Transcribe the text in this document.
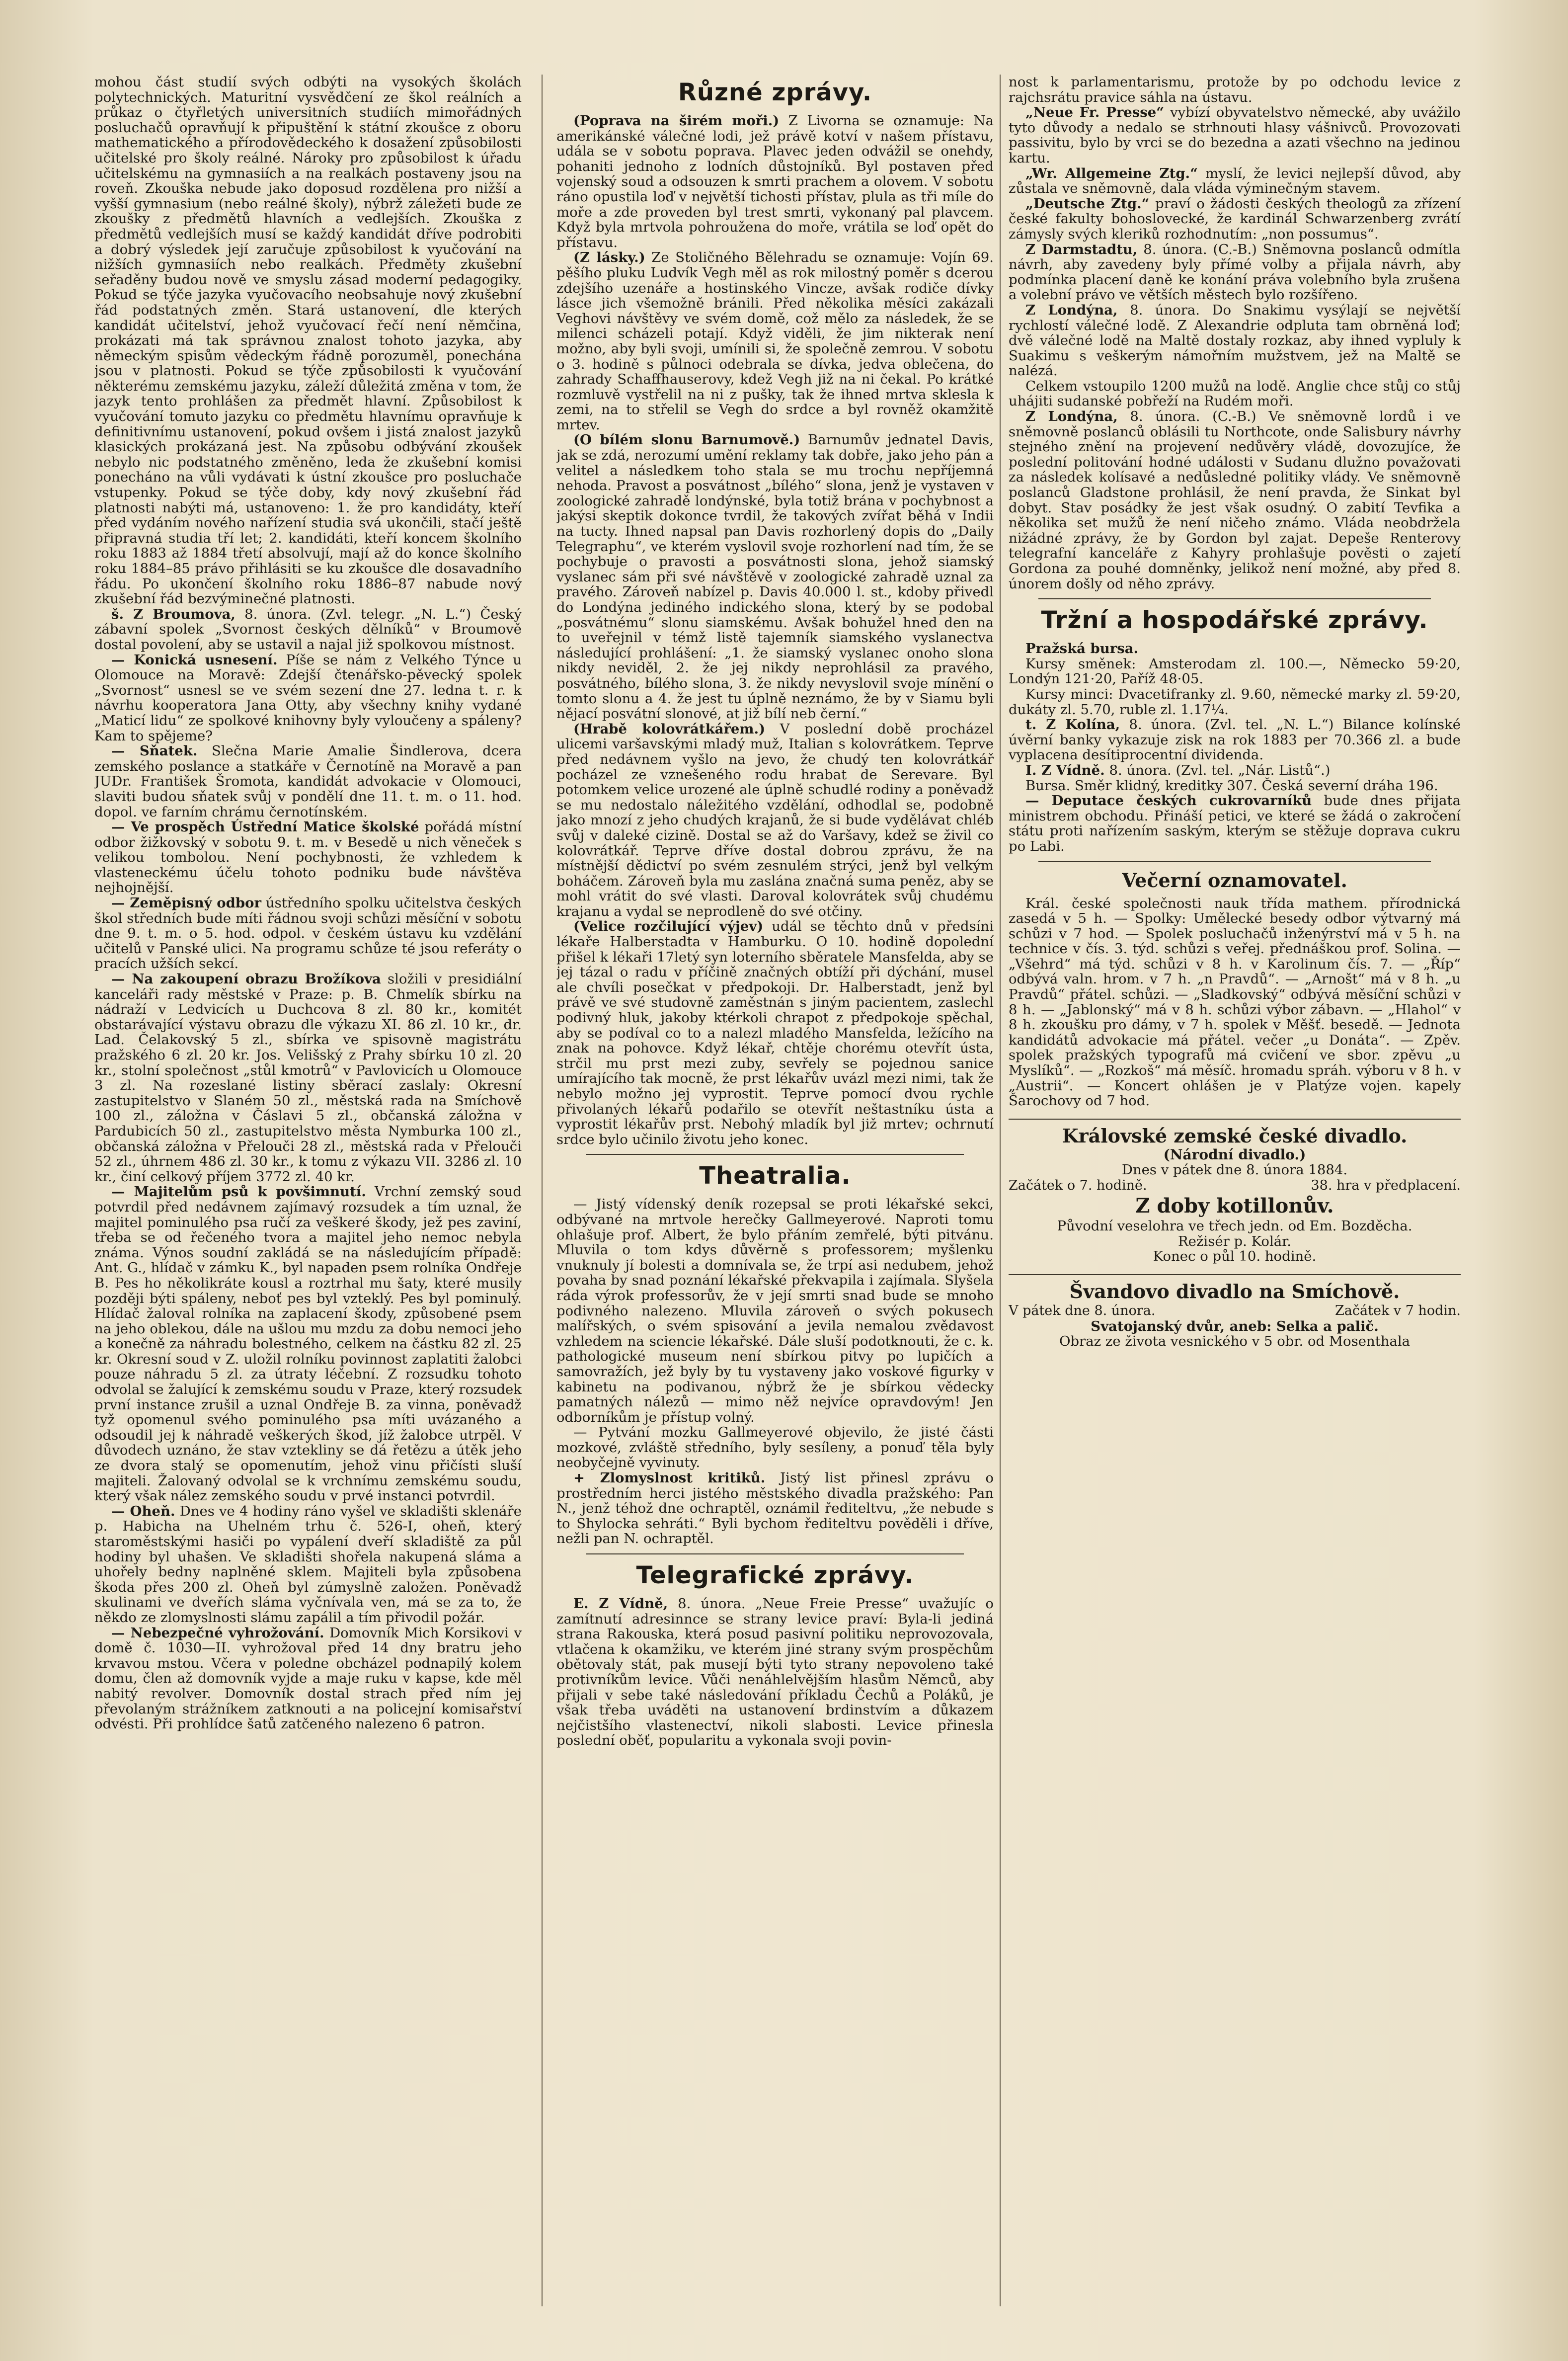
mohou část studií svých odbýti na vysokých školách polytechnických. Maturitní vysvědčení ze škol reálních a průkaz o čtyřletých universitních studiích mimořádných posluchačů opravňují k připuštění k státní zkoušce z oboru mathematického a přírodovědeckého k dosažení způsobilosti učitelské pro školy reálné. Nároky pro způsobilost k úřadu učitelskému na gymnasiích a na realkách postaveny jsou na roveň. Zkouška nebude jako doposud rozdělena pro nižší a vyšší gymnasium (nebo reálné školy), nýbrž záležeti bude ze zkoušky z předmětů hlavních a vedlejších. Zkouška z předmětů vedlejších musí se každý kandidát dříve podrobiti a dobrý výsledek její zaručuje způsobilost k vyučování na nižších gymnasiích nebo realkách. Předměty zkušební seřaděny budou nově ve smyslu zásad moderní pedagogiky. Pokud se týče jazyka vyučovacího neobsahuje nový zkušební řád podstatných změn. Stará ustanovení, dle kterých kandidát učitelství, jehož vyučovací řečí není němčina, prokázati má tak správnou znalost tohoto jazyka, aby německým spisům vědeckým řádně porozuměl, ponechána jsou v platnosti. Pokud se týče způsobilosti k vyučování některému zemskému jazyku, záleží důležitá změna v tom, že jazyk tento prohlášen za předmět hlavní. Způsobilost k vyučování tomuto jazyku co předmětu hlavnímu opravňuje k definitivnímu ustanovení, pokud ovšem i jistá znalost jazyků klasických prokázaná jest. Na způsobu odbývání zkoušek nebylo nic podstatného změněno, leda že zkušební komisi ponecháno na vůli vydávati k ústní zkoušce pro posluchače vstupenky. Pokud se týče doby, kdy nový zkušební řád platnosti nabýti má, ustanoveno: 1. že pro kandidáty, kteří před vydáním nového nařízení studia svá ukončili, stačí ještě připravná studia tří let; 2. kandidáti, kteří koncem školního roku 1883 až 1884 třetí absolvují, mají až do konce školního roku 1884–85 právo přihlásiti se ku zkoušce dle dosavadního řádu. Po ukončení školního roku 1886–87 nabude nový zkušební řád bezvýminečné platnosti.

š. Z Broumova, 8. února. (Zvl. telegr. „N. L.“) Český zábavní spolek „Svornost českých dělníků“ v Broumově dostal povolení, aby se ustavil a najal již spolkovou místnost.

— Konická usnesení. Píše se nám z Velkého Týnce u Olomouce na Moravě: Zdejší čtenářsko-pěvecký spolek „Svornost“ usnesl se ve svém sezení dne 27. ledna t. r. k návrhu kooperatora Jana Otty, aby všechny knihy vydané „Maticí lidu“ ze spolkové knihovny byly vyloučeny a spáleny? Kam to spějeme?

— Sňatek. Slečna Marie Amalie Šindlerova, dcera zemského poslance a statkáře v Černotíně na Moravě a pan JUDr. František Šromota, kandidát advokacie v Olomouci, slaviti budou sňatek svůj v pondělí dne 11. t. m. o 11. hod. dopol. ve farním chrámu černotínském.

— Ve prospěch Ústřední Matice školské pořádá místní odbor žižkovský v sobotu 9. t. m. v Besedě u nich věneček s velikou tombolou. Není pochybnosti, že vzhledem k vlasteneckému účelu tohoto podniku bude návštěva nejhojnější.

— Zeměpisný odbor ústředního spolku učitelstva českých škol středních bude míti řádnou svoji schůzi měsíční v sobotu dne 9. t. m. o 5. hod. odpol. v českém ústavu ku vzdělání učitelů v Panské ulici. Na programu schůze té jsou referáty o pracích užších sekcí.

— Na zakoupení obrazu Brožíkova složili v presidiální kanceláři rady městské v Praze: p. B. Chmelík sbírku na nádraží v Ledvicích u Duchcova 8 zl. 80 kr., komitét obstarávající výstavu obrazu dle výkazu XI. 86 zl. 10 kr., dr. Lad. Čelakovský 5 zl., sbírka ve spisovně magistrátu pražského 6 zl. 20 kr. Jos. Velišský z Prahy sbírku 10 zl. 20 kr., stolní společnost „stůl kmotrů“ v Pavlovicích u Olomouce 3 zl. Na rozeslané listiny sběrací zaslaly: Okresní zastupitelstvo v Slaném 50 zl., městská rada na Smíchově 100 zl., záložna v Čáslavi 5 zl., občanská záložna v Pardubicích 50 zl., zastupitelstvo města Nymburka 100 zl., občanská záložna v Přelouči 28 zl., městská rada v Přelouči 52 zl., úhrnem 486 zl. 30 kr., k tomu z výkazu VII. 3286 zl. 10 kr., činí celkový příjem 3772 zl. 40 kr.

— Majitelům psů k povšimnutí. Vrchní zemský soud potvrdil před nedávnem zajímavý rozsudek a tím uznal, že majitel pominulého psa ručí za veškeré škody, jež pes zaviní, třeba se od řečeného tvora a majitel jeho nemoc nebyla známa. Výnos soudní zakládá se na následujícím případě: Ant. G., hlídač v zámku K., byl napaden psem rolníka Ondřeje B. Pes ho několikráte kousl a roztrhal mu šaty, které musily později býti spáleny, neboť pes byl vzteklý. Pes byl pominulý. Hlídač žaloval rolníka na zaplacení škody, způsobené psem na jeho oblekou, dále na ušlou mu mzdu za dobu nemoci jeho a konečně za náhradu bolestného, celkem na částku 82 zl. 25 kr. Okresní soud v Z. uložil rolníku povinnost zaplatiti žalobci pouze náhradu 5 zl. za útraty léčební. Z rozsudku tohoto odvolal se žalující k zemskému soudu v Praze, který rozsudek první instance zrušil a uznal Ondřeje B. za vinna, poněvadž tyž opomenul svého pominulého psa míti uvázaného a odsoudil jej k náhradě veškerých škod, jíž žalobce utrpěl. V důvodech uznáno, že stav vztekliny se dá řetězu a útěk jeho ze dvora stalý se opomenutím, jehož vinu přičísti sluší majiteli. Žalovaný odvolal se k vrchnímu zemskému soudu, který však nález zemského soudu v prvé instanci potvrdil.

— Oheň. Dnes ve 4 hodiny ráno vyšel ve skladišti sklenáře p. Habicha na Uhelném trhu č. 526-I, oheň, který staroměstskými hasiči po vypálení dveří skladiště za půl hodiny byl uhašen. Ve skladišti shořela nakupená sláma a uhořely bedny naplněné sklem. Majiteli byla způsobena škoda přes 200 zl. Oheň byl zúmyslně založen. Poněvadž skulinami ve dveřích sláma vyčnívala ven, má se za to, že někdo ze zlomyslnosti slámu zapálil a tím přivodil požár.

— Nebezpečné vyhrožování. Domovník Mich Korsikovi v domě č. 1030—II. vyhrožoval před 14 dny bratru jeho krvavou mstou. Včera v poledne obcházel podnapilý kolem domu, člen až domovník vyjde a maje ruku v kapse, kde měl nabitý revolver. Domovník dostal strach před ním jej převolaným strážníkem zatknouti a na policejní komisařství odvésti. Při prohlídce šatů zatčeného nalezeno 6 patron.

Různé zprávy.

(Poprava na širém moři.) Z Livorna se oznamuje: Na amerikánské válečné lodi, jež právě kotví v našem přístavu, udála se v sobotu poprava. Plavec jeden odvážil se onehdy, pohaniti jednoho z lodních důstojníků. Byl postaven před vojenský soud a odsouzen k smrti prachem a olovem. V sobotu ráno opustila loď v největší tichosti přístav, plula as tři míle do moře a zde proveden byl trest smrti, vykonaný pal plavcem. Když byla mrtvola pohroužena do moře, vrátila se loď opět do přístavu.

(Z lásky.) Ze Stoličného Bělehradu se oznamuje: Vojín 69. pěšího pluku Ludvík Vegh měl as rok milostný poměr s dcerou zdejšího uzenáře a hostinského Vincze, avšak rodiče dívky lásce jich všemožně bránili. Před několika měsíci zakázali Veghovi návštěvy ve svém domě, což mělo za následek, že se milenci scházeli potají. Když viděli, že jim nikterak není možno, aby byli svoji, umínili si, že společně zemrou. V sobotu o 3. hodině s půlnoci odebrala se dívka, jedva oblečena, do zahrady Schaffhauserovy, kdež Vegh již na ni čekal. Po krátké rozmluvě vystřelil na ni z pušky, tak že ihned mrtva sklesla k zemi, na to střelil se Vegh do srdce a byl rovněž okamžitě mrtev.

(O bílém slonu Barnumově.) Barnumův jednatel Davis, jak se zdá, nerozumí umění reklamy tak dobře, jako jeho pán a velitel a následkem toho stala se mu trochu nepříjemná nehoda. Pravost a posvátnost „bílého“ slona, jenž je vystaven v zoologické zahradě londýnské, byla totiž brána v pochybnost a jakýsi skeptik dokonce tvrdil, že takových zvířat běhá v Indii na tucty. Ihned napsal pan Davis rozhorlený dopis do „Daily Telegraphu“, ve kterém vyslovil svoje rozhorlení nad tím, že se pochybuje o pravosti a posvátnosti slona, jehož siamský vyslanec sám při své návštěvě v zoologické zahradě uznal za pravého. Zároveň nabízel p. Davis 40.000 l. st., kdoby přivedl do Londýna jediného indického slona, který by se podobal „posvátnému“ slonu siamskému. Avšak bohužel hned den na to uveřejnil v témž listě tajemník siamského vyslanectva následující prohlášení: „1. že siamský vyslanec onoho slona nikdy neviděl, 2. že jej nikdy neprohlásil za pravého, posvátného, bílého slona, 3. že nikdy nevyslovil svoje mínění o tomto slonu a 4. že jest tu úplně neznámo, že by v Siamu byli nějací posvátní slonové, at již bílí neb černí.“

(Hrabě kolovrátkářem.) V poslední době procházel ulicemi varšavskými mladý muž, Italian s kolovrátkem. Teprve před nedávnem vyšlo na jevo, že chudý ten kolovrátkář pocházel ze vznešeného rodu hrabat de Serevare. Byl potomkem velice urozené ale úplně schudlé rodiny a poněvadž se mu nedostalo náležitého vzdělání, odhodlal se, podobně jako mnozí z jeho chudých krajanů, že si bude vydělávat chléb svůj v daleké cizině. Dostal se až do Varšavy, kdež se živil co kolovrátkář. Teprve dříve dostal dobrou zprávu, že na místnější dědictví po svém zesnulém strýci, jenž byl velkým boháčem. Zároveň byla mu zaslána značná suma peněz, aby se mohl vrátit do své vlasti. Daroval kolovrátek svůj chudému krajanu a vydal se neprodleně do své otčiny.

(Velice rozčilující výjev) udál se těchto dnů v předsíni lékaře Halberstadta v Hamburku. O 10. hodině dopolední přišel k lékaři 17letý syn loterního sběratele Mansfelda, aby se jej tázal o radu v příčině značných obtíží při dýchání, musel ale chvíli posečkat v předpokoji. Dr. Halberstadt, jenž byl právě ve své studovně zaměstnán s jiným pacientem, zaslechl podivný hluk, jakoby ktérkoli chrapot z předpokoje spěchal, aby se podíval co to a nalezl mladého Mansfelda, ležícího na znak na pohovce. Když lékař, chtěje chorému otevřít ústa, strčil mu prst mezi zuby, sevřely se pojednou sanice umírajícího tak mocně, že prst lékařův uvázl mezi nimi, tak že nebylo možno jej vyprostit. Teprve pomocí dvou rychle přivolaných lékařů podařilo se otevřít neštastníku ústa a vyprostit lékařův prst. Nebohý mladík byl již mrtev; ochrnutí srdce bylo učinilo životu jeho konec.

Theatralia.

— Jistý vídenský deník rozepsal se proti lékařské sekci, odbývané na mrtvole herečky Gallmeyerové. Naproti tomu ohlašuje prof. Albert, že bylo přáním zemřelé, býti pitvánu. Mluvila o tom kdys důvěrně s professorem; myšlenku vnuknuly jí bolesti a domnívala se, že trpí asi nedubem, jehož povaha by snad poznání lékařské překvapila i zajímala. Slyšela ráda výrok professorův, že v její smrti snad bude se mnoho podivného nalezeno. Mluvila zároveň o svých pokusech malířských, o svém spisování a jevila nemalou zvědavost vzhledem na sciencie lékařské. Dále sluší podotknouti, že c. k. pathologické museum není sbírkou pitvy po lupičích a samovražích, jež byly by tu vystaveny jako voskové figurky v kabinetu na podivanou, nýbrž že je sbírkou vědecky pamatných nálezů — mimo něž nejvíce opravdovým! Jen odborníkům je přístup volný.

— Pytvání mozku Gallmeyerové objevilo, že jisté části mozkové, zvláště středního, byly sesíleny, a ponuď těla byly neobyčejně vyvinuty.

+ Zlomyslnost kritiků. Jistý list přinesl zprávu o prostředním herci jistého městského divadla pražského: Pan N., jenž téhož dne ochraptěl, oznámil řediteltvu, „že nebude s to Shylocka sehráti.“ Byli bychom řediteltvu pověděli i dříve, nežli pan N. ochraptěl.

Telegrafické zprávy.

E. Z Vídně, 8. února. „Neue Freie Presse“ uvažujíc o zamítnutí adresinnce se strany levice praví: Byla-li jediná strana Rakouska, která posud pasivní politiku neprovozovala, vtlačena k okamžiku, ve kterém jiné strany svým prospěchům obětovaly stát, pak musejí býti tyto strany nepovoleno také protivníkům levice. Vůči nenáhlelvějším hlasům Němců, aby přijali v sebe také následování příkladu Čechů a Poláků, je však třeba uváděti na ustanovení brdinstvím a důkazem nejčistšího vlastenectví, nikoli slabosti. Levice přinesla poslední oběť, popularitu a vykonala svoji povin-

nost k parlamentarismu, protože by po odchodu levice z rajchsrátu pravice sáhla na ústavu.

„Neue Fr. Presse“ vybízí obyvatelstvo německé, aby uvážilo tyto důvody a nedalo se strhnouti hlasy vášnivců. Provozovati passivitu, bylo by vrci se do bezedna a azati všechno na jedinou kartu.

„Wr. Allgemeine Ztg.“ myslí, že levici nejlepší důvod, aby zůstala ve sněmovně, dala vláda výminečným stavem.

„Deutsche Ztg.“ praví o žádosti českých theologů za zřízení české fakulty bohoslovecké, že kardinál Schwarzenberg zvrátí zámysly svých kleriků rozhodnutím: „non possumus“.

Z Darmstadtu, 8. února. (C.-B.) Sněmovna poslanců odmítla návrh, aby zavedeny byly přímé volby a přijala návrh, aby podmínka placení daně ke konání práva volebního byla zrušena a volební právo ve větších městech bylo rozšířeno.

Z Londýna, 8. února. Do Snakimu vysýlají se největší rychlostí válečné lodě. Z Alexandrie odpluta tam obrněná loď; dvě válečné lodě na Maltě dostaly rozkaz, aby ihned vypluly k Suakimu s veškerým námořním mužstvem, jež na Maltě se nalézá.

Celkem vstoupilo 1200 mužů na lodě. Anglie chce stůj co stůj uhájiti sudanské pobřeží na Rudém moři.

Z Londýna, 8. února. (C.-B.) Ve sněmovně lordů i ve sněmovně poslanců oblásili tu Northcote, onde Salisbury návrhy stejného znění na projevení nedůvěry vládě, dovozujíce, že poslední politování hodné události v Sudanu dlužno považovati za následek kolísavé a nedůsledné politiky vlády. Ve sněmovně poslanců Gladstone prohlásil, že není pravda, že Sinkat byl dobyt. Stav posádky že jest však osudný. O zabití Tevfika a několika set mužů že není ničeho známo. Vláda neobdržela nižádné zprávy, že by Gordon byl zajat. Depeše Renterovy telegrafní kanceláře z Kahyry prohlašuje pověsti o zajetí Gordona za pouhé domněnky, jelikož není možné, aby před 8. únorem došly od něho zprávy.

Tržní a hospodářské zprávy.

Pražská bursa.

Kursy směnek: Amsterodam zl. 100.—, Německo 59·20, Londýn 121·20, Paříž 48·05.

Kursy minci: Dvacetifranky zl. 9.60, německé marky zl. 59·20, dukáty zl. 5.70, ruble zl. 1.17¼.

t. Z Kolína, 8. února. (Zvl. tel. „N. L.“) Bilance kolínské úvěrní banky vykazuje zisk na rok 1883 per 70.366 zl. a bude vyplacena desítiprocentní dividenda.

I. Z Vídně. 8. února. (Zvl. tel. „Nár. Listů“.)

Bursa. Směr klidný, kreditky 307. Česká severní dráha 196.

— Deputace českých cukrovarníků bude dnes přijata ministrem obchodu. Přináší petici, ve které se žádá o zakročení státu proti nařízením saským, kterým se stěžuje doprava cukru po Labi.

Večerní oznamovatel.

Král. české společnosti nauk třída mathem. přírodnická zasedá v 5 h. — Spolky: Umělecké besedy odbor výtvarný má schůzi v 7 hod. — Spolek posluchačů inženýrství má v 5 h. na technice v čís. 3. týd. schůzi s veřej. přednáškou prof. Solina. — „Všehrd“ má týd. schůzi v 8 h. v Karolinum čís. 7. — „Říp“ odbývá valn. hrom. v 7 h. „n Pravdů“. — „Arnošt“ má v 8 h. „u Pravdů“ přátel. schůzi. — „Sladkovský“ odbývá měsíční schůzi v 8 h. — „Jablonský“ má v 8 h. schůzi výbor zábavn. — „Hlahol“ v 8 h. zkoušku pro dámy, v 7 h. spolek v Měšť. besedě. — Jednota kandidátů advokacie má přátel. večer „u Donáta“. — Zpěv. spolek pražských typografů má cvičení ve sbor. zpěvu „u Myslíků“. — „Rozkoš“ má měsíč. hromadu spráh. výboru v 8 h. v „Austrii“. — Koncert ohlášen je v Platýze vojen. kapely Šarochovy od 7 hod.

Královské zemské české divadlo.
(Národní divadlo.)
Dnes v pátek dne 8. února 1884.
Začátek o 7. hodině.	38. hra v předplacení.
Z doby kotillonův.
Původní veselohra ve třech jedn. od Em. Bozděcha.
Režisér p. Kolár.
Konec o půl 10. hodině.
Švandovo divadlo na Smíchově.
V pátek dne 8. února.	Začátek v 7 hodin.
Svatojanský dvůr, aneb: Selka a palič.
Obraz ze života vesnického v 5 obr. od Mosenthala
